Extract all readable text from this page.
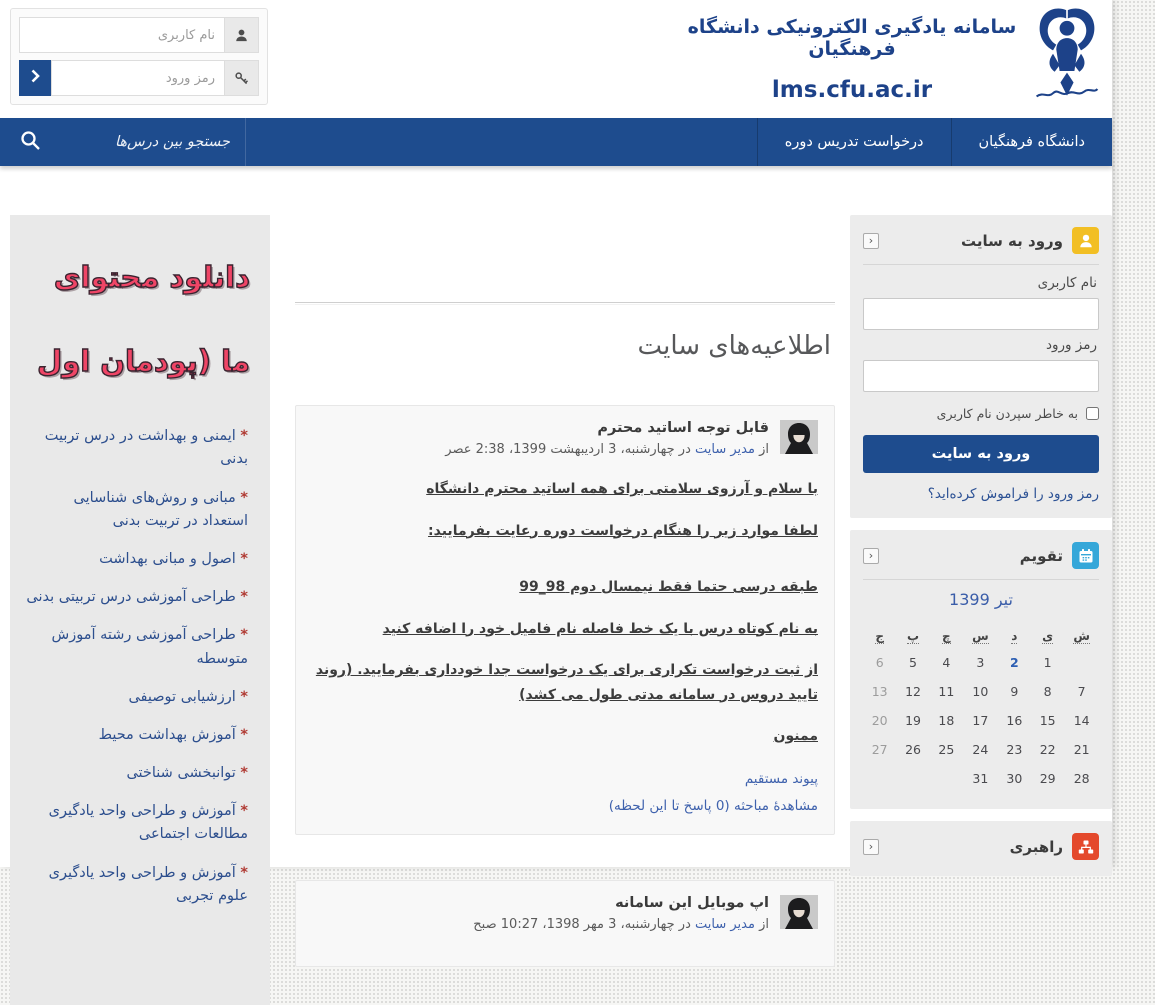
نام کاربری
سامانه یادگیری الکترونیکی دانشگاه فرهنگیان
lms.cfu.ac.ir
دانشگاه فرهنگیان
درخواست تدریس دوره
جستجو بین درس‌ها
ورود به سایت
‹
نام کاربری
رمز ورود
به خاطر سپردن نام کاربری
ورود به سایت
رمز ورود را فراموش کرده‌اید؟
تقویم
‹
تیر 1399
ش	ی	د	س	چ	پ	ج
	1	2	3	4	5	6
7	8	9	10	11	12	13
14	15	16	17	18	19	20
21	22	23	24	25	26	27
28	29	30	31			
راهبری
‹
اطلاعیه‌های سایت
قابل توجه اساتید محترم
از مدیر سایت در چهارشنبه، 3 اردیبهشت 1399، 2:38 عصر

با سلام و آرزوی سلامتی برای همه اساتید محترم دانشگاه

لطفا موارد زیر را هنگام درخواست دوره رعایت بفرمایید:

طبقه درسی حتما فقط نیمسال دوم 98_99

به نام کوتاه درس با یک خط فاصله نام فامیل خود را اضافه کنید

از ثبت درخواست تکراری برای یک درخواست جدا خودداری بفرمایید. (روند تایید دروس در سامانه مدتی طول می کشد)

ممنون

پیوند مستقیم
مشاهدهٔ مباحثه (0 پاسخ تا این لحظه)
اپ موبایل این سامانه
از مدیر سایت در چهارشنبه، 3 مهر 1398، 10:27 صبح
دانلود محتوای ما (پودمان اول
* ایمنی و بهداشت در درس تربیت بدنی
* مبانی و روش‌های شناسایی استعداد در تربیت بدنی
* اصول و مبانی بهداشت
* طراحی آموزشی درس تربیتی بدنی
* طراحی آموزشی رشته آموزش متوسطه
* ارزشیابی توصیفی
* آموزش بهداشت محیط
* توانبخشی شناختی
* آموزش و طراحی واحد یادگیری مطالعات اجتماعی
* آموزش و طراحی واحد یادگیری علوم تجربی
